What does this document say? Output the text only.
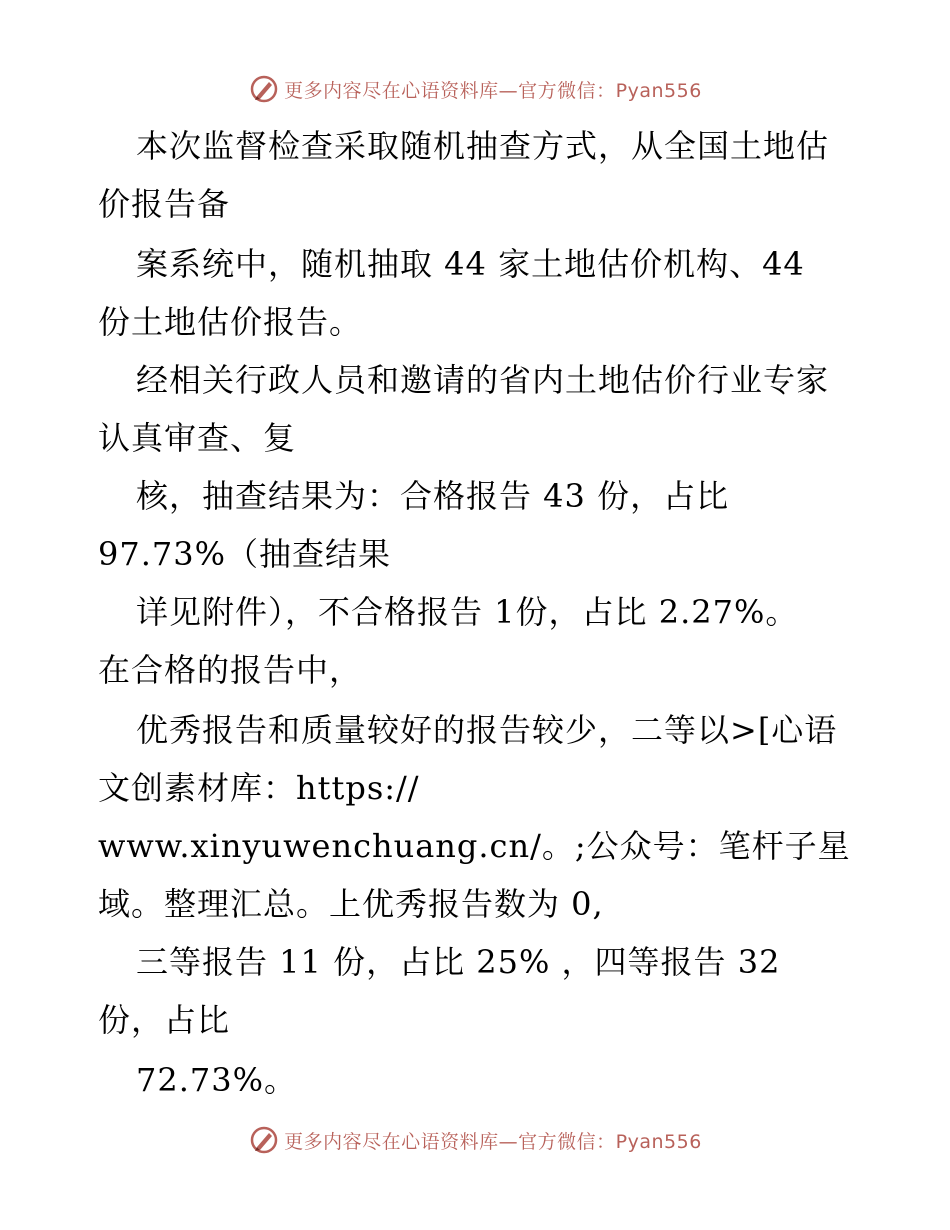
更多内容尽在心语资料库—官方微信：Pyan556
本次监督检查采取随机抽查方式，从全国土地估
价报告备
案系统中，随机抽取 44 家土地估价机构、44
份土地估价报告。
经相关行政人员和邀请的省内土地估价行业专家
认真审查、复
核，抽查结果为：合格报告 43 份，占比
97.73%（抽查结果
详见附件），不合格报告 1份，占比 2.27%。
在合格的报告中，
优秀报告和质量较好的报告较少，二等以>[心语
文创素材库：https://
www.xinyuwenchuang.cn/。;公众号：笔杆子星
域。整理汇总。上优秀报告数为 0,
三等报告 11 份，占比 25% ，四等报告 32
份，占比
72.73%。
更多内容尽在心语资料库—官方微信：Pyan556
